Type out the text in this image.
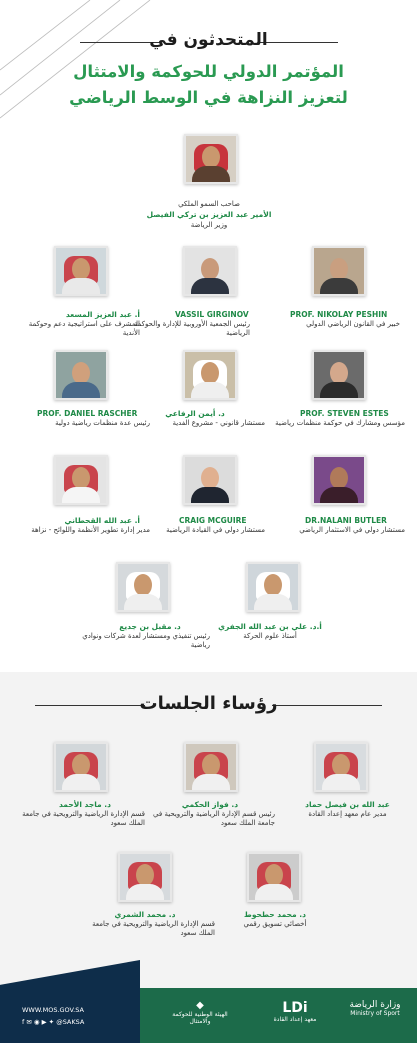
المتحدثون في
المؤتمر الدولي للحوكمة والامتثال
لتعزيز النزاهة في الوسط الرياضي
صاحب السمو الملكي
الأمير عبد العزيز بن تركي الفيصل
وزير الرياضة
PROF. NIKOLAY PESHIN
خبير في القانون الرياضي الدولي
VASSIL GIRGINOV
رئيس الجمعية الأوروبية للإدارة والحوكمة الرياضية
أ. عبد العزيز المسعد
المشرف على استراتيجية دعم وحوكمة الأندية
PROF. STEVEN ESTES
مؤسس ومشارك في حوكمة منظمات رياضية
د. أيمن الرفاعي
مستشار قانوني - مشروع الفدية
PROF. DANIEL RASCHER
رئيس عدة منظمات رياضية دولية
DR.NALANI BUTLER
مستشار دولي في الاستثمار الرياضي
CRAIG MCGUIRE
مستشار دولي في القيادة الرياضية
أ. عبد الله القحطاني
مدير إدارة تطوير الأنظمة واللوائح - نزاهة
أ.د. علي بن عبد الله الجفري
أستاذ علوم الحركة
د. مقبل بن جديع
رئيس تنفيذي ومستشار لعدة شركات ونوادي رياضية
رؤساء الجلسات
عبد الله بن فيصل حماد
مدير عام معهد إعداد القادة
د. فواز الحكمي
رئيس قسم الإدارة الرياضية والترويحية في جامعة الملك سعود
د. ماجد الأحمد
قسم الإدارة الرياضية والترويحية في جامعة الملك سعود
د. محمد حطحوط
أخصائي تسويق رقمي
د. محمد الشمري
قسم الإدارة الرياضية والترويحية في جامعة الملك سعود
WWW.MOS.GOV.SA
f ✉ ◉ ▶ ✦ @SAKSA
◆
الهيئة الوطنية للحوكمة والامتثال
LDi
معهد إعداد القادة
وزارة الرياضة
Ministry of Sport
